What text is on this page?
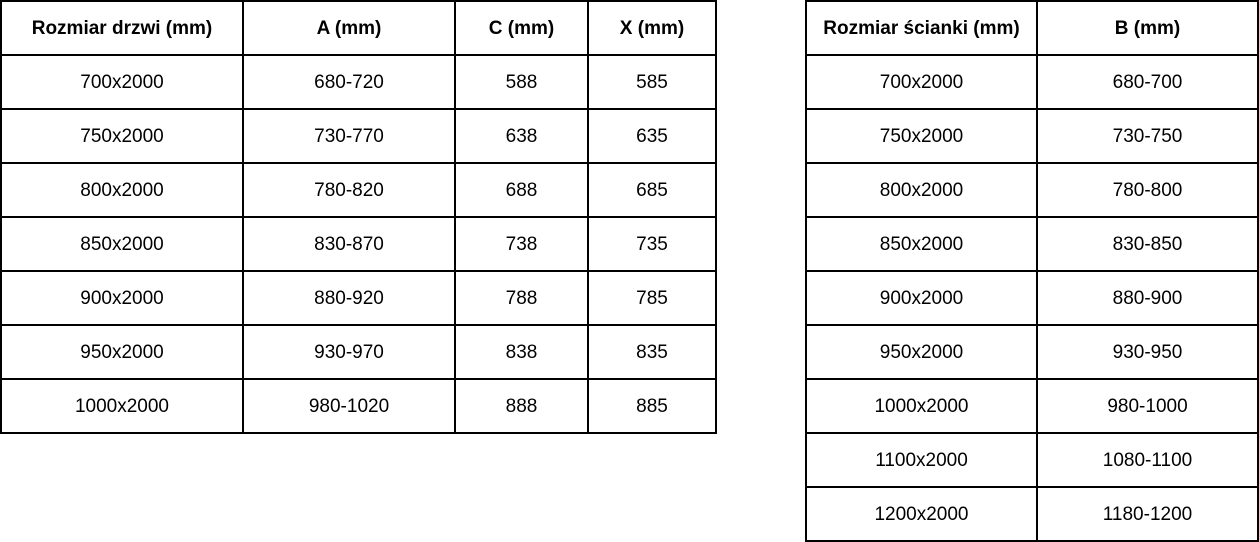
Rozmiar drzwi (mm)	A (mm)	C (mm)	X (mm)
700x2000	680-720	588	585
750x2000	730-770	638	635
800x2000	780-820	688	685
850x2000	830-870	738	735
900x2000	880-920	788	785
950x2000	930-970	838	835
1000x2000	980-1020	888	885
Rozmiar ścianki (mm)	B (mm)
700x2000	680-700
750x2000	730-750
800x2000	780-800
850x2000	830-850
900x2000	880-900
950x2000	930-950
1000x2000	980-1000
1100x2000	1080-1100
1200x2000	1180-1200
